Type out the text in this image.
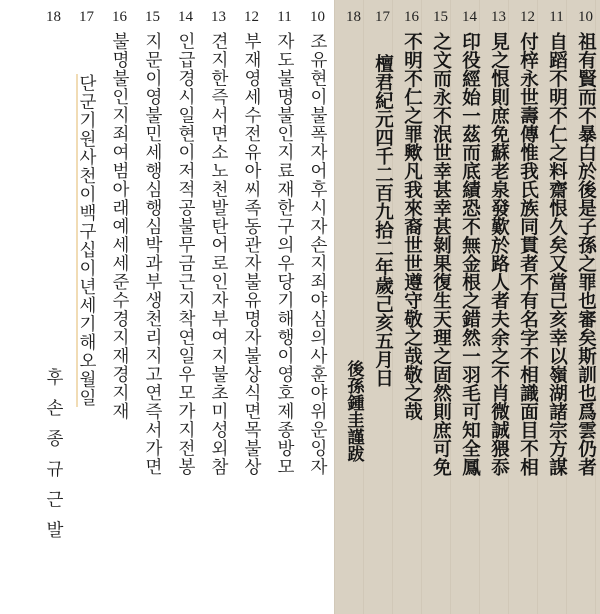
10
조유현이불폭자어후시자손지죄야심의사훈야위운잉자
11
자도불명불인지료재한구의우당기해행이영호제종방모
12
부재영세수전유아씨족동관자불유명자불상식면목불상
13
견지한즉서면소노천발탄어로인자부여지불초미성외참
14
인급경시일현이저적공불무금근지착연일우모가지전봉
15
지문이영불민세행심행심박과부생천리지고연즉서가면
16
불명불인지죄여범아래예세세준수경지재경지재
17
단군기원사천이백구십이년세기해오월일
18
후손종규근발
10
祖有賢而不暴白於後是子孫之罪也審矣斯訓也爲雲仍者
11
自蹈不明不仁之料齋恨久矣又當己亥幸以嶺湖諸宗方謀
12
付梓永世壽傳惟我氏族同貫者不有名字不相識面目不相
13
見之恨則庶免蘇老泉發歎於路人者夫余之不肖微誠猥忝
14
印役經始一茲而底績恐不無金根之錯然一羽毛可知全鳳
15
之文而永不泯世幸甚幸甚剝果復生天理之固然則庶可免
16
不明不仁之罪歟凡我來裔世世遵守敬之哉敬之哉
17
檀君紀元四千二百九拾二年歲己亥五月日
18
後孫鍾圭謹跋
